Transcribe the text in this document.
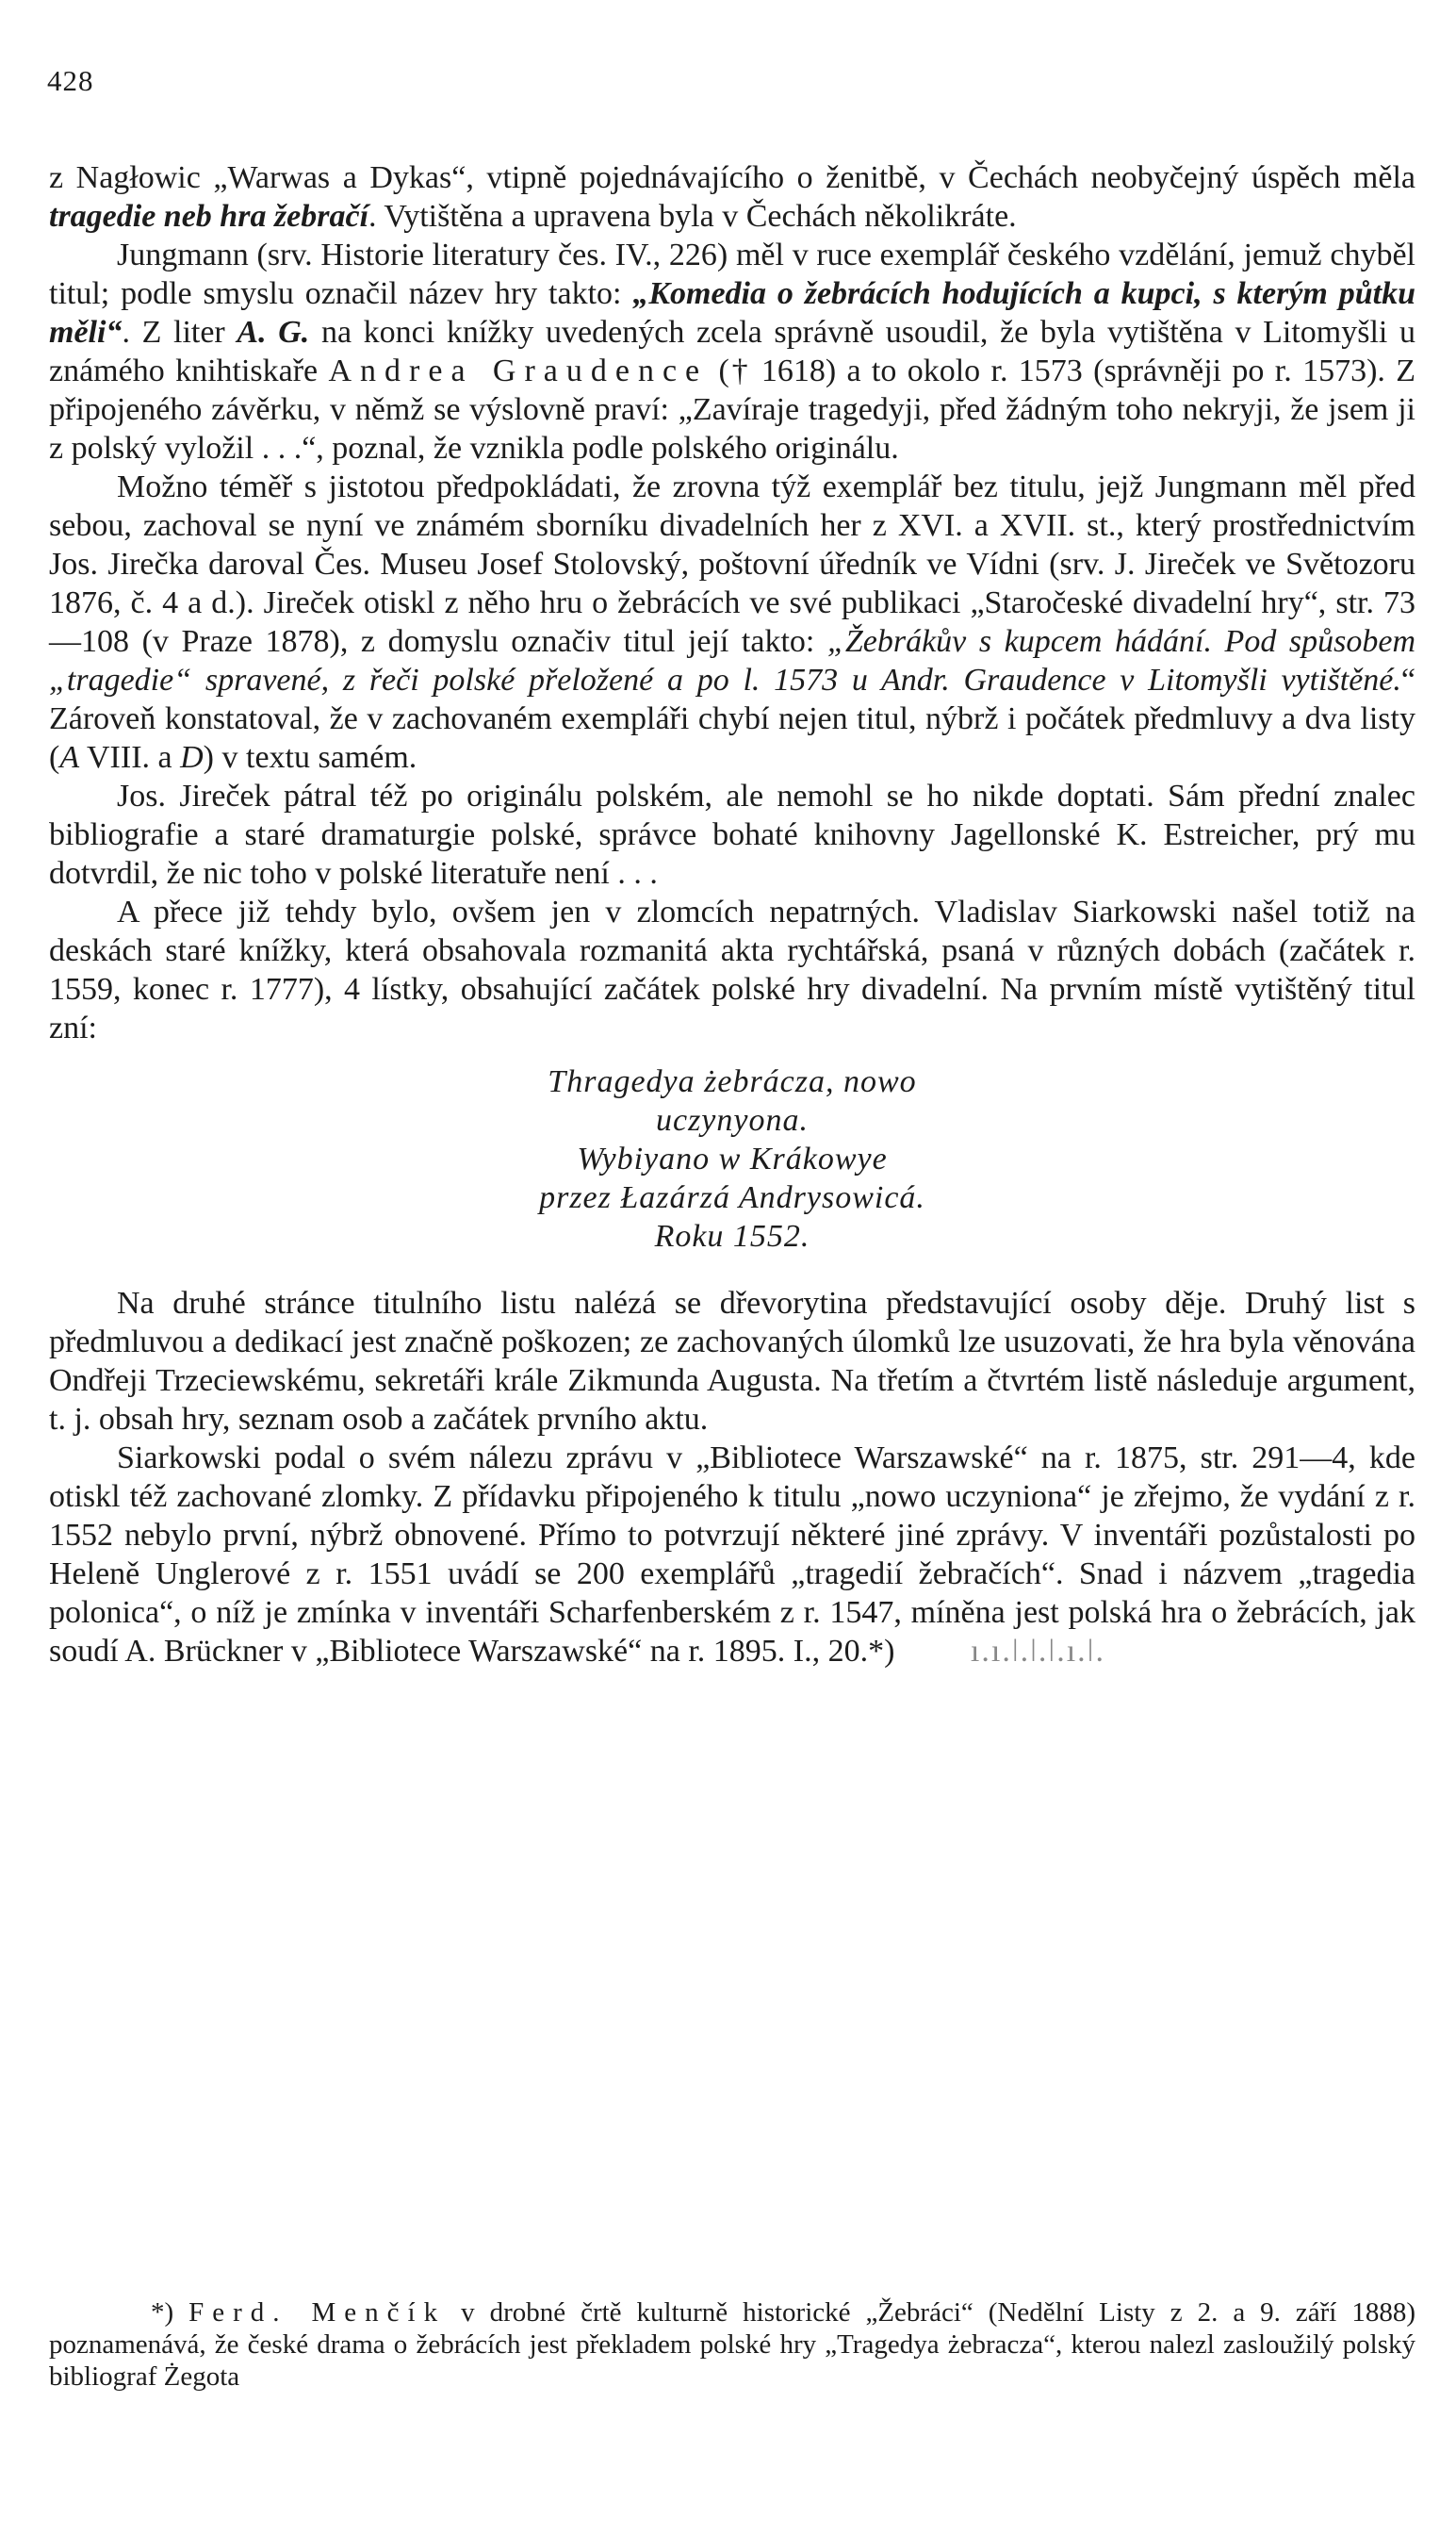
428

z Nagłowic „Warwas a Dykas“, vtipně pojednávajícího o ženitbě, v Čechách neobyčejný úspěch měla tragedie neb hra žebračí. Vytištěna a upravena byla v Čechách několikráte.

Jungmann (srv. Historie literatury čes. IV., 226) měl v ruce exemplář českého vzdělání, jemuž chyběl titul; podle smyslu označil název hry takto: „Komedia o žebrácích hodujících a kupci, s kterým půtku měli“. Z liter A. G. na konci knížky uvedených zcela správně usoudil, že byla vytištěna v Litomyšli u známého knihtiskaře Andrea Graudence († 1618) a to okolo r. 1573 (správněji po r. 1573). Z připojeného závěrku, v němž se výslovně praví: „Zavíraje tragedyji, před žádným toho nekryji, že jsem ji z polský vyložil . . .“, poznal, že vznikla podle polského originálu.

Možno téměř s jistotou předpokládati, že zrovna týž exemplář bez titulu, jejž Jungmann měl před sebou, zachoval se nyní ve známém sborníku divadelních her z XVI. a XVII. st., který prostřednictvím Jos. Jirečka daroval Čes. Museu Josef Stolovský, poštovní úředník ve Vídni (srv. J. Jireček ve Světozoru 1876, č. 4 a d.). Jireček otiskl z něho hru o žebrácích ve své publikaci „Staročeské divadelní hry“, str. 73—108 (v Praze 1878), z domyslu označiv titul její takto: „Žebrákův s kupcem hádání. Pod spůsobem „tragedie“ spravené, z řeči polské přeložené a po l. 1573 u Andr. Graudence v Litomyšli vytištěné.“ Zároveň konstatoval, že v zachovaném exempláři chybí nejen titul, nýbrž i počátek předmluvy a dva listy (A VIII. a D) v textu samém.

Jos. Jireček pátral též po originálu polském, ale nemohl se ho nikde doptati. Sám přední znalec bibliografie a staré dramaturgie polské, správce bohaté knihovny Jagellonské K. Estreicher, prý mu dotvrdil, že nic toho v polské literatuře není . . .

A přece již tehdy bylo, ovšem jen v zlomcích nepatrných. Vladislav Siarkowski našel totiž na deskách staré knížky, která obsahovala rozmanitá akta rychtářská, psaná v různých dobách (začátek r. 1559, konec r. 1777), 4 lístky, obsahující začátek polské hry divadelní. Na prvním místě vytištěný titul zní:

Thragedya żebrácza, nowo
uczynyona.
Wybiyano w Krákowye
przez Łazárzá Andrysowicá.
Roku 1552.

Na druhé stránce titulního listu nalézá se dřevorytina představující osoby děje. Druhý list s předmluvou a dedikací jest značně poškozen; ze zachovaných úlomků lze usuzovati, že hra byla věnována Ondřeji Trzeciewskému, sekretáři krále Zikmunda Augusta. Na třetím a čtvrtém listě následuje argument, t. j. obsah hry, seznam osob a začátek prvního aktu.

Siarkowski podal o svém nálezu zprávu v „Bibliotece Warszawské“ na r. 1875, str. 291—4, kde otiskl též zachované zlomky. Z přídavku připojeného k titulu „nowo uczyniona“ je zřejmo, že vydání z r. 1552 nebylo první, nýbrž obnovené. Přímo to potvrzují některé jiné zprávy. V inventáři pozůstalosti po Heleně Unglerové z r. 1551 uvádí se 200 exemplářů „tragedií žebračích“. Snad i názvem „tragedia polonica“, o níž je zmínka v inventáři Scharfenberském z r. 1547, míněna jest polská hra o žebrácích, jak soudí A. Brückner v „Bibliotece Warszawské“ na r. 1895. I., 20.*) ı.ı.ǀ.ǀ.ǀ.ı.ǀ.

*) Ferd. Menčík v drobné črtě kulturně historické „Žebráci“ (Nedělní Listy z 2. a 9. září 1888) poznamenává, že české drama o žebrácích jest překladem polské hry „Tragedya żebracza“, kterou nalezl zasloužilý polský bibliograf Żegota
